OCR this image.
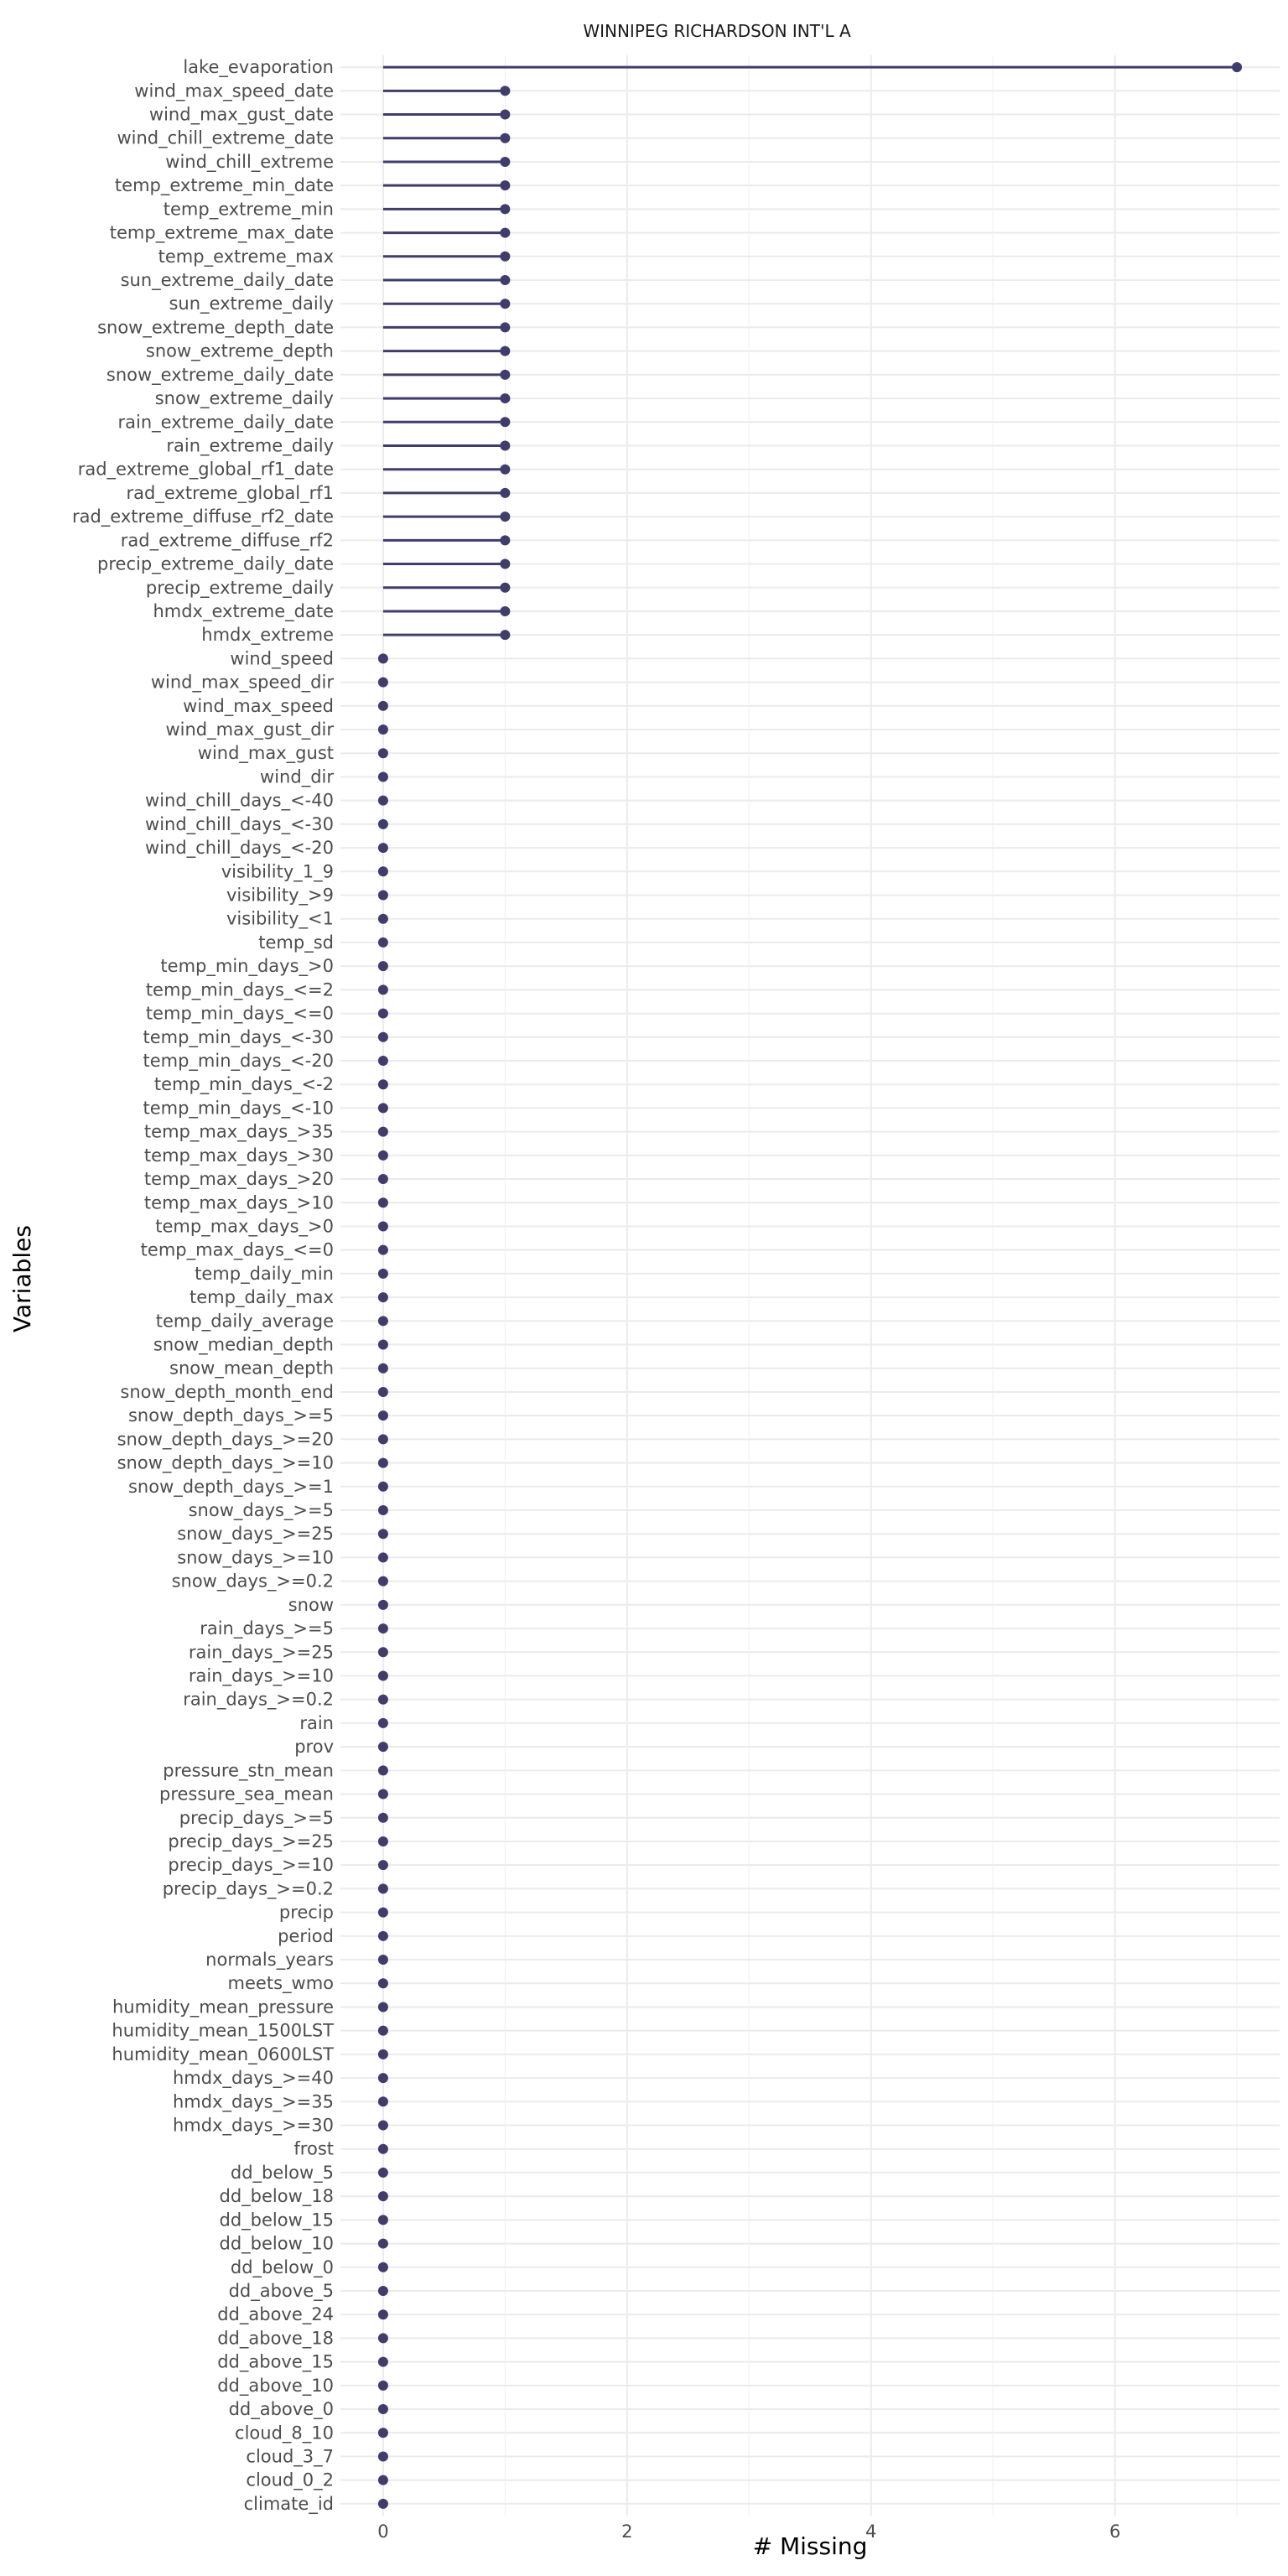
lake_evaporation
wind_max_speed_date
wind_max_gust_date
wind_chill_extreme_date
wind_chill_extreme
temp_extreme_min_date
temp_extreme_min
temp_extreme_max_date
temp_extreme_max
sun_extreme_daily_date
sun_extreme_daily
snow_extreme_depth_date
snow_extreme_depth
snow_extreme_daily_date
snow_extreme_daily
rain_extreme_daily_date
rain_extreme_daily
rad_extreme_global_rf1_date
rad_extreme_global_rf1
rad_extreme_diffuse_rf2_date
rad_extreme_diffuse_rf2
precip_extreme_daily_date
precip_extreme_daily
hmdx_extreme_date
hmdx_extreme
wind_speed
wind_max_speed_dir
wind_max_speed
wind_max_gust_dir
wind_max_gust
wind_dir
wind_chill_days_<-40
wind_chill_days_<-30
wind_chill_days_<-20
visibility_1_9
visibility_>9
visibility_<1
temp_sd
temp_min_days_>0
temp_min_days_<=2
temp_min_days_<=0
temp_min_days_<-30
temp_min_days_<-20
temp_min_days_<-2
temp_min_days_<-10
temp_max_days_>35
temp_max_days_>30
temp_max_days_>20
temp_max_days_>10
temp_max_days_>0
temp_max_days_<=0
temp_daily_min
temp_daily_max
temp_daily_average
snow_median_depth
snow_mean_depth
snow_depth_month_end
snow_depth_days_>=5
snow_depth_days_>=20
snow_depth_days_>=10
snow_depth_days_>=1
snow_days_>=5
snow_days_>=25
snow_days_>=10
snow_days_>=0.2
snow
rain_days_>=5
rain_days_>=25
rain_days_>=10
rain_days_>=0.2
rain
prov
pressure_stn_mean
pressure_sea_mean
precip_days_>=5
precip_days_>=25
precip_days_>=10
precip_days_>=0.2
precip
period
normals_years
meets_wmo
humidity_mean_pressure
humidity_mean_1500LST
humidity_mean_0600LST
hmdx_days_>=40
hmdx_days_>=35
hmdx_days_>=30
frost
dd_below_5
dd_below_18
dd_below_15
dd_below_10
dd_below_0
dd_above_5
dd_above_24
dd_above_18
dd_above_15
dd_above_10
dd_above_0
cloud_8_10
cloud_3_7
cloud_0_2
climate_id
0	2	4	6
WINNIPEG RICHARDSON INT'L A
# Missing
Variables
